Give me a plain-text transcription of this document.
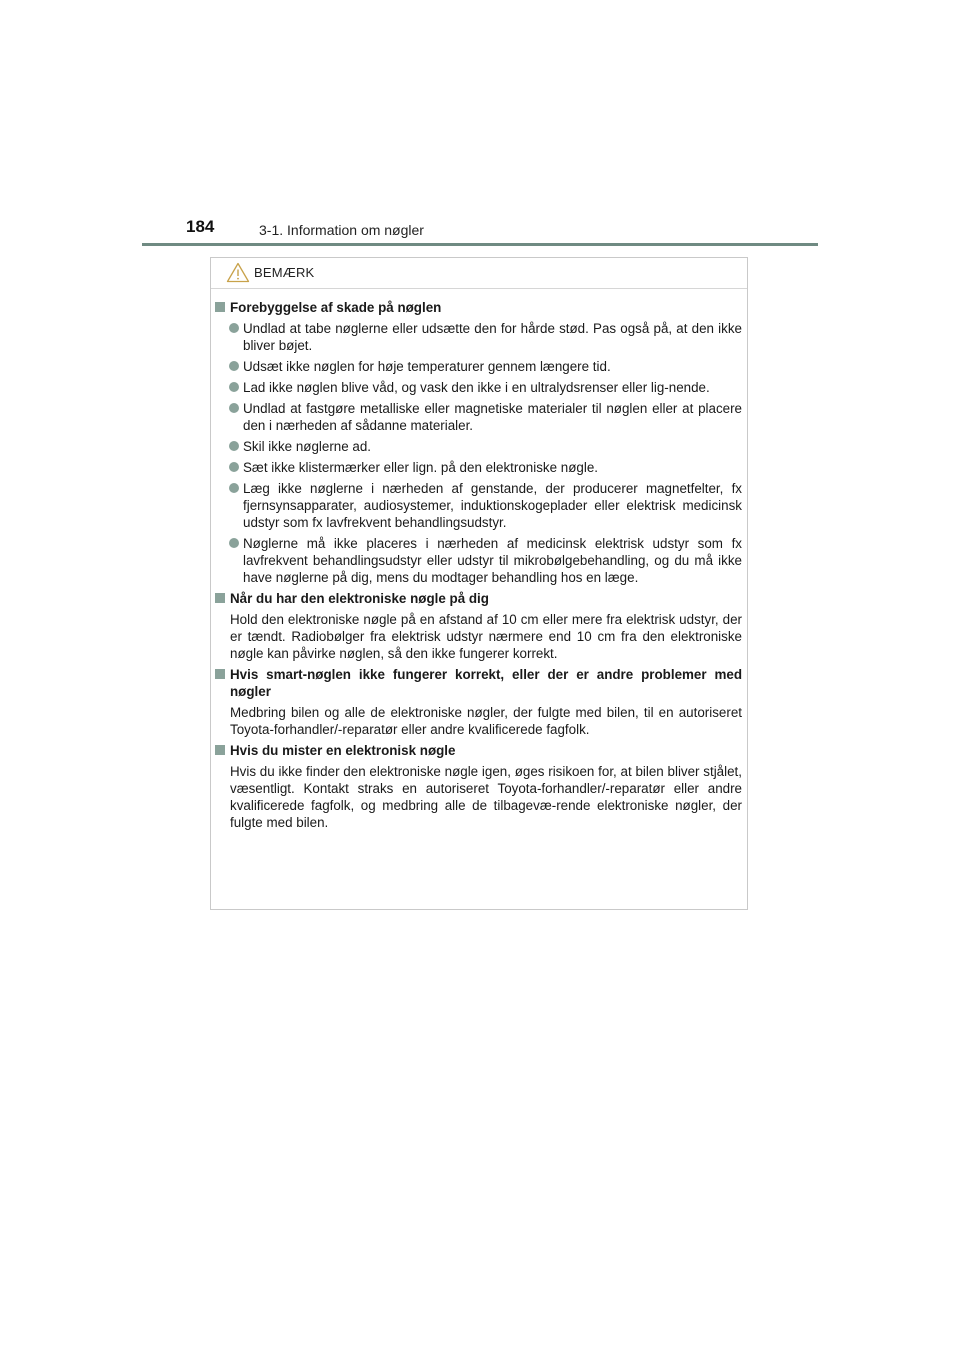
184	3-1. Information om nøgler
BEMÆRK
Forebyggelse af skade på nøglen
Undlad at tabe nøglerne eller udsætte den for hårde stød. Pas også på, at den ikke bliver bøjet.
Udsæt ikke nøglen for høje temperaturer gennem længere tid.
Lad ikke nøglen blive våd, og vask den ikke i en ultralydsrenser eller lig-nende.
Undlad at fastgøre metalliske eller magnetiske materialer til nøglen eller at placere den i nærheden af sådanne materialer.
Skil ikke nøglerne ad.
Sæt ikke klistermærker eller lign. på den elektroniske nøgle.
Læg ikke nøglerne i nærheden af genstande, der producerer magnetfelter, fx fjernsynsapparater, audiosystemer, induktionskogeplader eller elektrisk medicinsk udstyr som fx lavfrekvent behandlingsudstyr.
Nøglerne må ikke placeres i nærheden af medicinsk elektrisk udstyr som fx lavfrekvent behandlingsudstyr eller udstyr til mikrobølgebehandling, og du må ikke have nøglerne på dig, mens du modtager behandling hos en læge.
Når du har den elektroniske nøgle på dig
Hold den elektroniske nøgle på en afstand af 10 cm eller mere fra elektrisk udstyr, der er tændt. Radiobølger fra elektrisk udstyr nærmere end 10 cm fra den elektroniske nøgle kan påvirke nøglen, så den ikke fungerer korrekt.
Hvis smart-nøglen ikke fungerer korrekt, eller der er andre problemer med nøgler
Medbring bilen og alle de elektroniske nøgler, der fulgte med bilen, til en autoriseret Toyota-forhandler/-reparatør eller andre kvalificerede fagfolk.
Hvis du mister en elektronisk nøgle
Hvis du ikke finder den elektroniske nøgle igen, øges risikoen for, at bilen bliver stjålet, væsentligt. Kontakt straks en autoriseret Toyota-forhandler/-reparatør eller andre kvalificerede fagfolk, og medbring alle de tilbagevæ-rende elektroniske nøgler, der fulgte med bilen.
